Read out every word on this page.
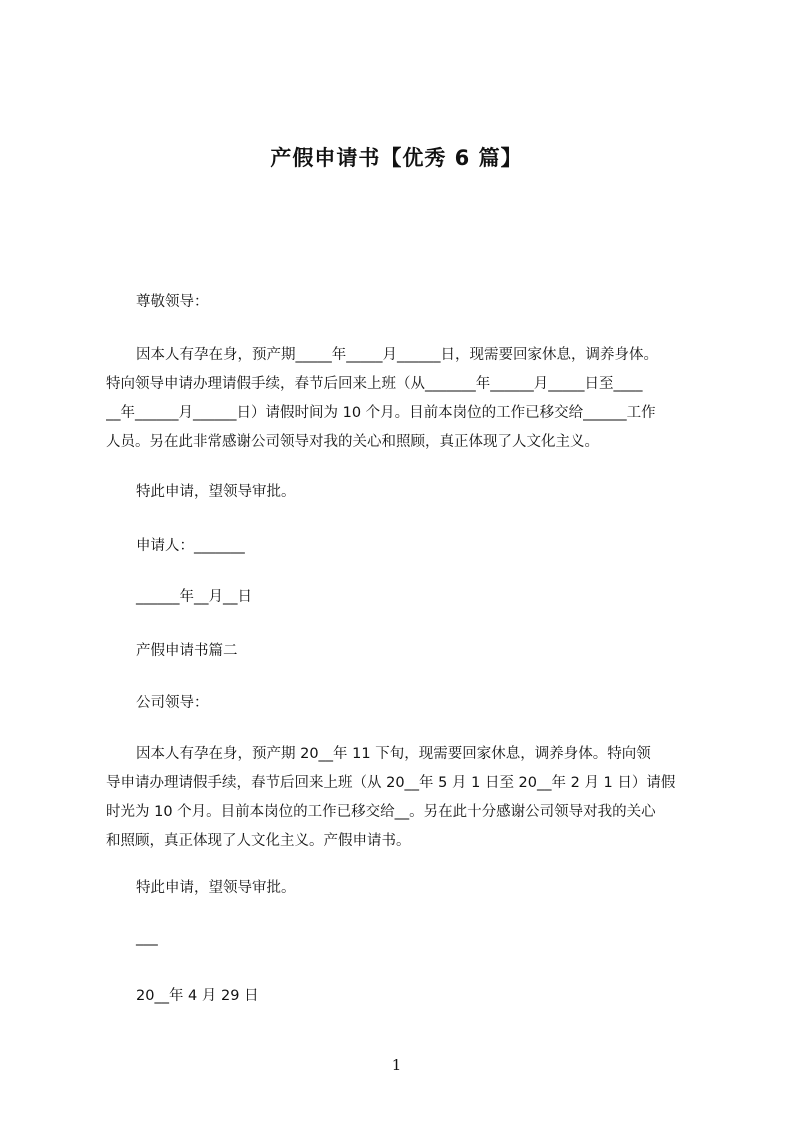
产假申请书【优秀 6 篇】
尊敬领导：
因本人有孕在身，预产期_____年_____月______日，现需要回家休息，调养身体。
特向领导申请办理请假手续，春节后回来上班（从_______年______月_____日至____
__年______月______日）请假时间为 10 个月。目前本岗位的工作已移交给______工作
人员。另在此非常感谢公司领导对我的关心和照顾，真正体现了人文化主义。
特此申请，望领导审批。
申请人：_______
______年__月__日
产假申请书篇二
公司领导：
因本人有孕在身，预产期 20__年 11 下旬，现需要回家休息，调养身体。特向领
导申请办理请假手续，春节后回来上班（从 20__年 5 月 1 日至 20__年 2 月 1 日）请假
时光为 10 个月。目前本岗位的工作已移交给__。另在此十分感谢公司领导对我的关心
和照顾，真正体现了人文化主义。产假申请书。
特此申请，望领导审批。
___
20__年 4 月 29 日
1
